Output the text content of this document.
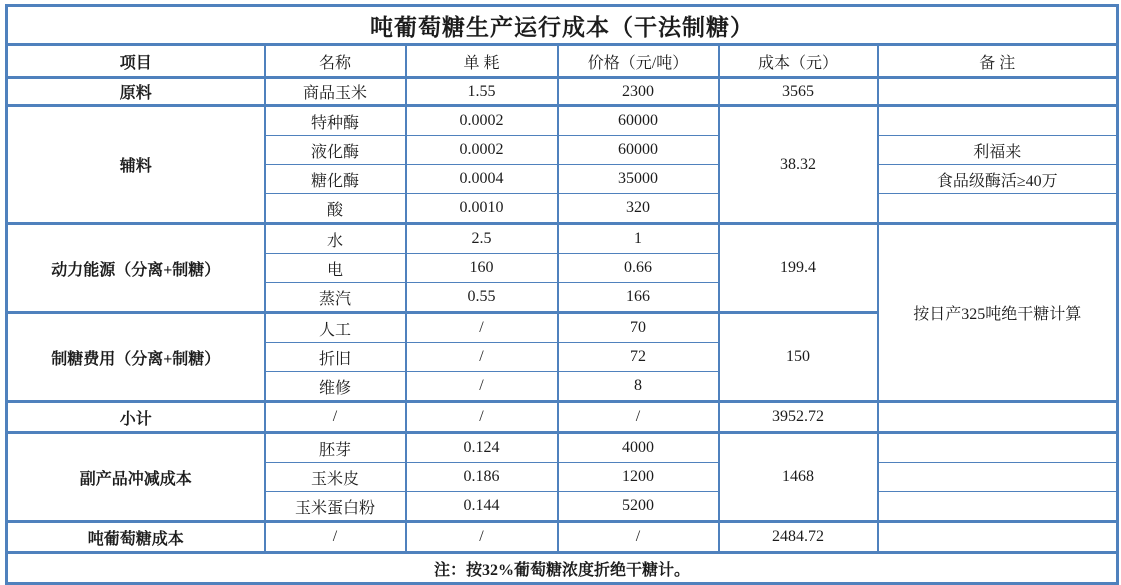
吨葡萄糖生产运行成本（干法制糖）					
项目	名称	单 耗	价格（元/吨）	成本（元）	备 注
原料	商品玉米	1.55	2300	3565	
辅料	特种酶	0.0002	60000	38.32	
	液化酶	0.0002	60000		利福来
	糖化酶	0.0004	35000		食品级酶活≥40万
	酸	0.0010	320		
动力能源（分离+制糖）	水	2.5	1	199.4	按日产325吨绝干糖计算
	电	160	0.66		
	蒸汽	0.55	166		
制糖费用（分离+制糖）	人工	/	70	150	
	折旧	/	72		
	维修	/	8		
小计	/	/	/	3952.72	
副产品冲减成本	胚芽	0.124	4000	1468	
	玉米皮	0.186	1200		
	玉米蛋白粉	0.144	5200		
吨葡萄糖成本	/	/	/	2484.72	
注：按32%葡萄糖浓度折绝干糖计。					
